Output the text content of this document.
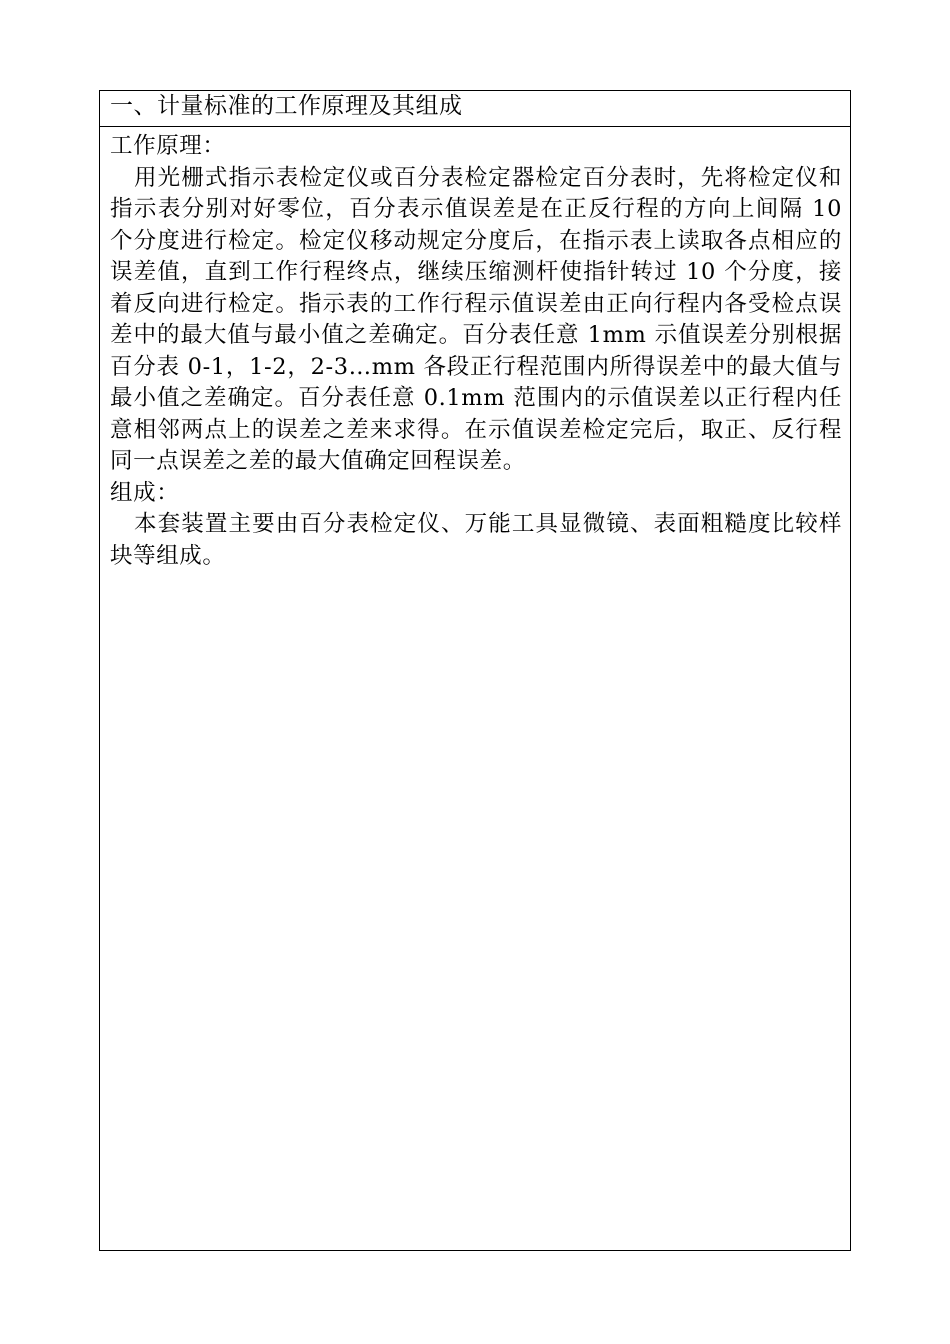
一、计量标准的工作原理及其组成

工作原理：

用光栅式指示表检定仪或百分表检定器检定百分表时，先将检定仪和指示表分别对好零位，百分表示值误差是在正反行程的方向上间隔 10 个分度进行检定。检定仪移动规定分度后，在指示表上读取各点相应的误差值，直到工作行程终点，继续压缩测杆使指针转过 10 个分度，接着反向进行检定。指示表的工作行程示值误差由正向行程内各受检点误差中的最大值与最小值之差确定。百分表任意 1mm 示值误差分别根据百分表 0-1，1-2，2-3…mm 各段正行程范围内所得误差中的最大值与最小值之差确定。百分表任意 0.1mm 范围内的示值误差以正行程内任意相邻两点上的误差之差来求得。在示值误差检定完后，取正、反行程同一点误差之差的最大值确定回程误差。

组成：

本套装置主要由百分表检定仪、万能工具显微镜、表面粗糙度比较样块等组成。
